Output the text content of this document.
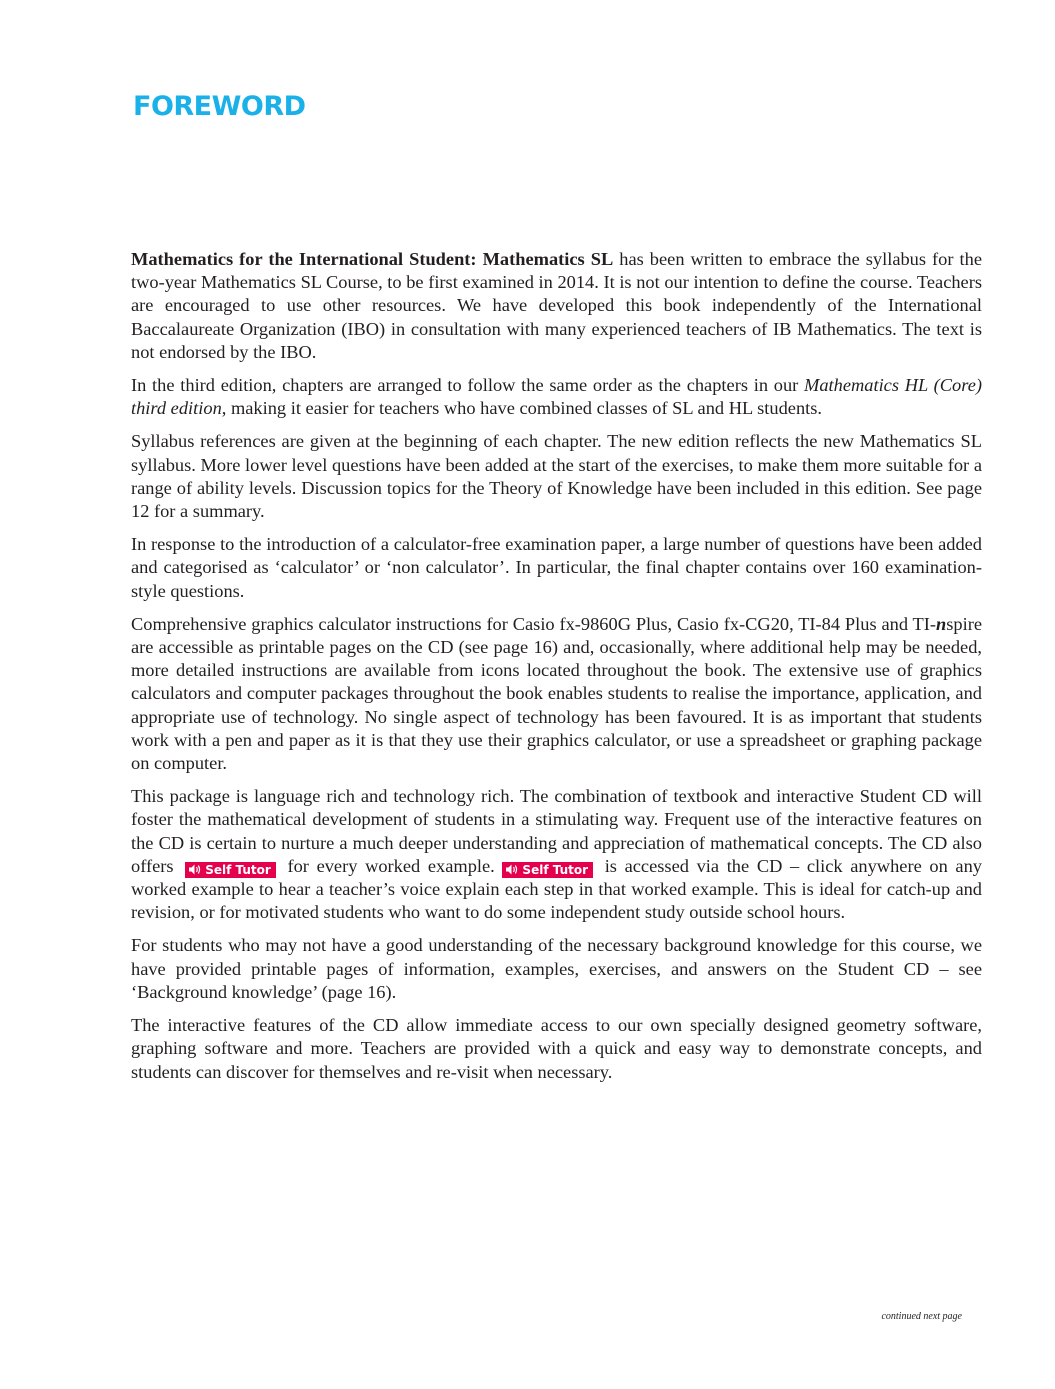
FOREWORD

Mathematics for the International Student: Mathematics SL has been written to embrace the syllabus for the two-year Mathematics SL Course, to be first examined in 2014. It is not our intention to define the course. Teachers are encouraged to use other resources. We have developed this book independently of the International Baccalaureate Organization (IBO) in consultation with many experienced teachers of IB Mathematics. The text is not endorsed by the IBO.

In the third edition, chapters are arranged to follow the same order as the chapters in our Mathematics HL (Core) third edition, making it easier for teachers who have combined classes of SL and HL students.

Syllabus references are given at the beginning of each chapter. The new edition reflects the new Mathematics SL syllabus. More lower level questions have been added at the start of the exercises, to make them more suitable for a range of ability levels. Discussion topics for the Theory of Knowledge have been included in this edition. See page 12 for a summary.

In response to the introduction of a calculator-free examination paper, a large number of questions have been added and categorised as ‘calculator’ or ‘non calculator’. In particular, the final chapter contains over 160 examination-style questions.

Comprehensive graphics calculator instructions for Casio fx-9860G Plus, Casio fx-CG20, TI-84 Plus and TI-nspire are accessible as printable pages on the CD (see page 16) and, occasionally, where additional help may be needed, more detailed instructions are available from icons located throughout the book. The extensive use of graphics calculators and computer packages throughout the book enables students to realise the importance, application, and appropriate use of technology. No single aspect of technology has been favoured. It is as important that students work with a pen and paper as it is that they use their graphics calculator, or use a spreadsheet or graphing package on computer.

This package is language rich and technology rich. The combination of textbook and interactive Student CD will foster the mathematical development of students in a stimulating way. Frequent use of the interactive features on the CD is certain to nurture a much deeper understanding and appreciation of mathematical concepts. The CD also offers	Self Tutor for every worked example. Self Tutor is accessed via the CD – click anywhere on any worked example to hear a teacher’s voice explain each step in that worked example. This is ideal for catch-up and revision, or for motivated students who want to do some independent study outside school hours.

For students who may not have a good understanding of the necessary background knowledge for this course, we have provided printable pages of information, examples, exercises, and answers on the Student CD – see ‘Background knowledge’ (page 16).

The interactive features of the CD allow immediate access to our own specially designed geometry software, graphing software and more. Teachers are provided with a quick and easy way to demonstrate concepts, and students can discover for themselves and re-visit when necessary.

continued next page
